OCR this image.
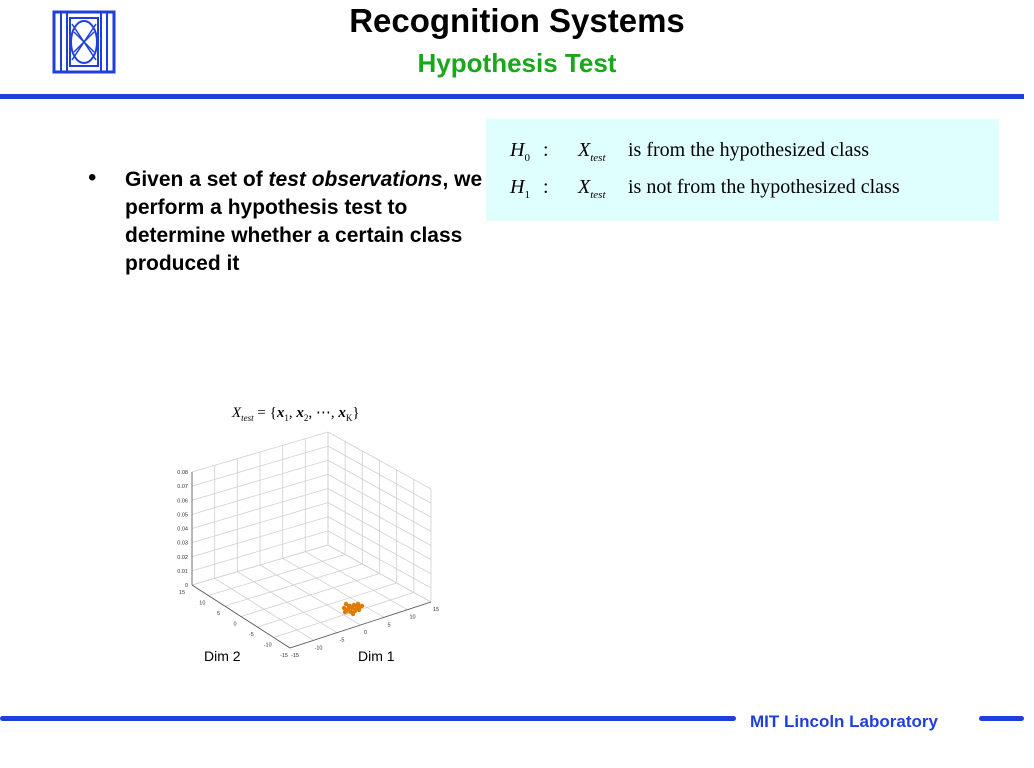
Recognition Systems
Hypothesis Test
• Given a set of test observations, we perform a hypothesis test to determine whether a certain class produced it
$H_0$ : $X_{test}$ is from the hypothesized class
$H_1$ : $X_{test}$ is not from the hypothesized class
$X_{test} = \{x_1$, $x_2$, ⋯, $x_K$}
0.08
0.07
0.06
0.05
0.04
0.03
0.02
0.01
0
-15
-10
-5
0
5
10
15
15
10
5
0
-5
-10
-15
Dim 2	Dim 1
MIT Lincoln Laboratory
